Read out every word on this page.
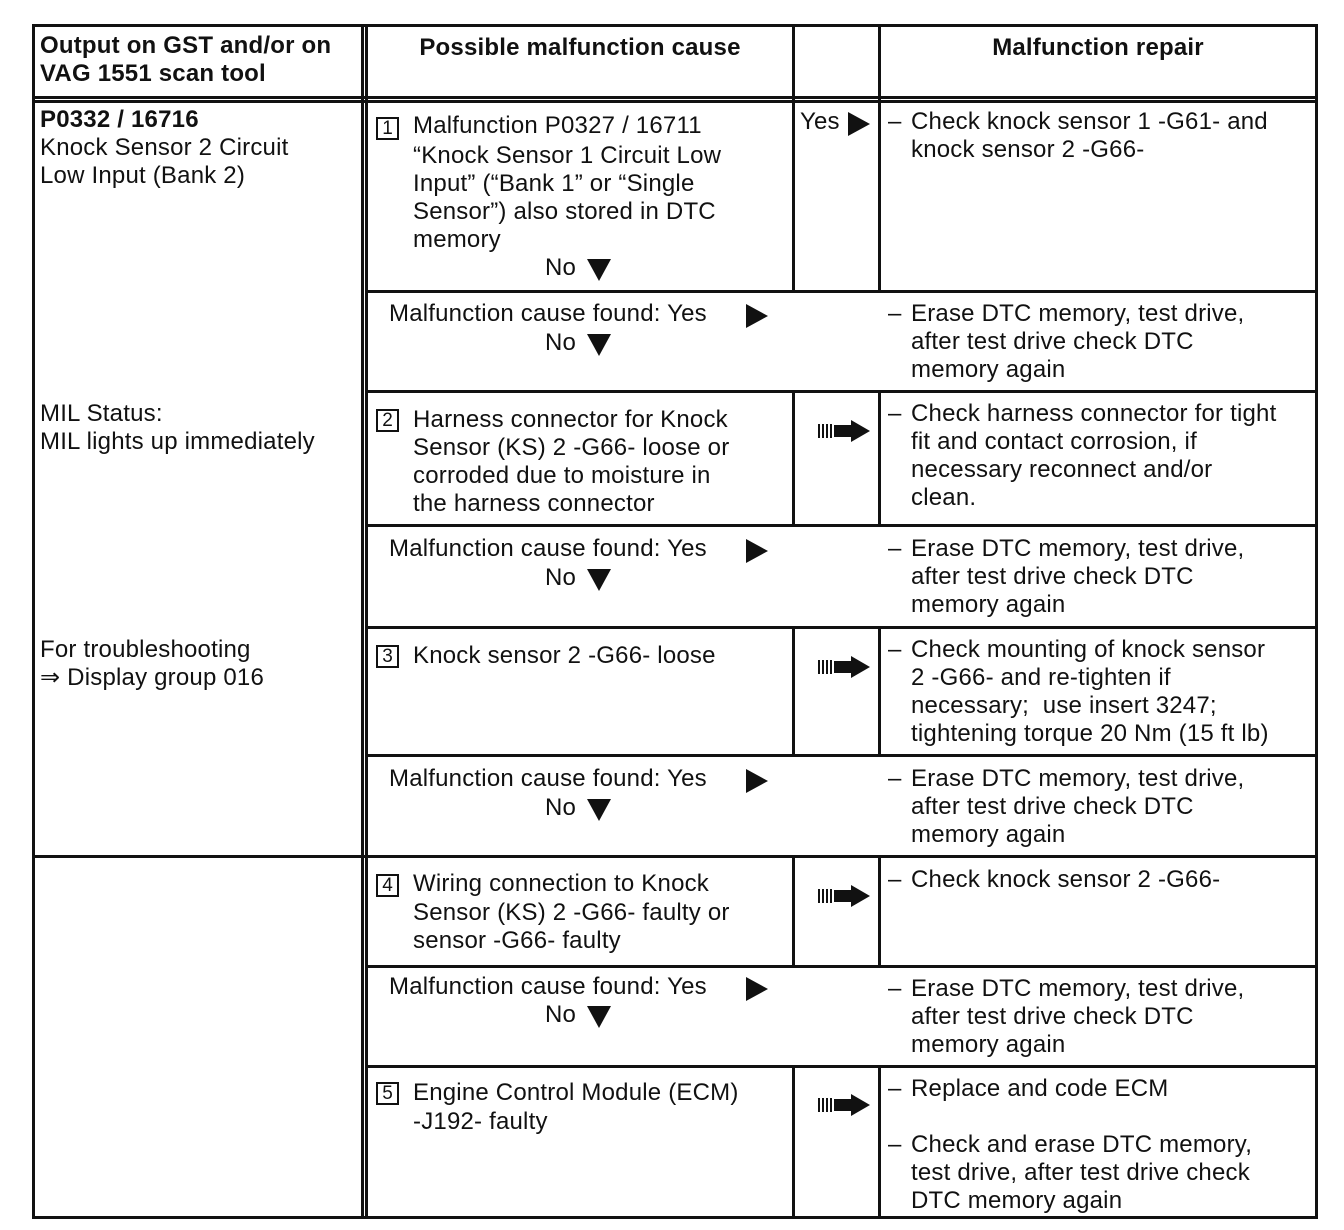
Output on GST and/or on
VAG 1551 scan tool
Possible malfunction cause	Malfunction repair
P0332 / 16716
Knock Sensor 2 Circuit
Low Input (Bank 2)
MIL Status:
MIL lights up immediately
For troubleshooting
⇒ Display group 016
1 Malfunction P0327 / 16711
“Knock Sensor 1 Circuit Low
Input” (“Bank 1” or “Single
Sensor”) also stored in DTC
memory
No
Yes – Check knock sensor 1 -G61- and
knock sensor 2 -G66-
Malfunction cause found: Yes
No
– Erase DTC memory, test drive,
after test drive check DTC
memory again
2 Harness connector for Knock
Sensor (KS) 2 -G66- loose or
corroded due to moisture in
the harness connector
– Check harness connector for tight
fit and contact corrosion, if
necessary reconnect and/or
clean.
Malfunction cause found: Yes
No
– Erase DTC memory, test drive,
after test drive check DTC
memory again
3 Knock sensor 2 -G66- loose	– Check mounting of knock sensor
2 -G66- and re-tighten if
necessary;  use insert 3247;
tightening torque 20 Nm (15 ft lb)
Malfunction cause found: Yes
No
– Erase DTC memory, test drive,
after test drive check DTC
memory again
4 Wiring connection to Knock
Sensor (KS) 2 -G66- faulty or
sensor -G66- faulty
– Check knock sensor 2 -G66-
Malfunction cause found: Yes
No
– Erase DTC memory, test drive,
after test drive check DTC
memory again
5 Engine Control Module (ECM)
-J192- faulty
– Replace and code ECM
– Check and erase DTC memory,
test drive, after test drive check
DTC memory again
